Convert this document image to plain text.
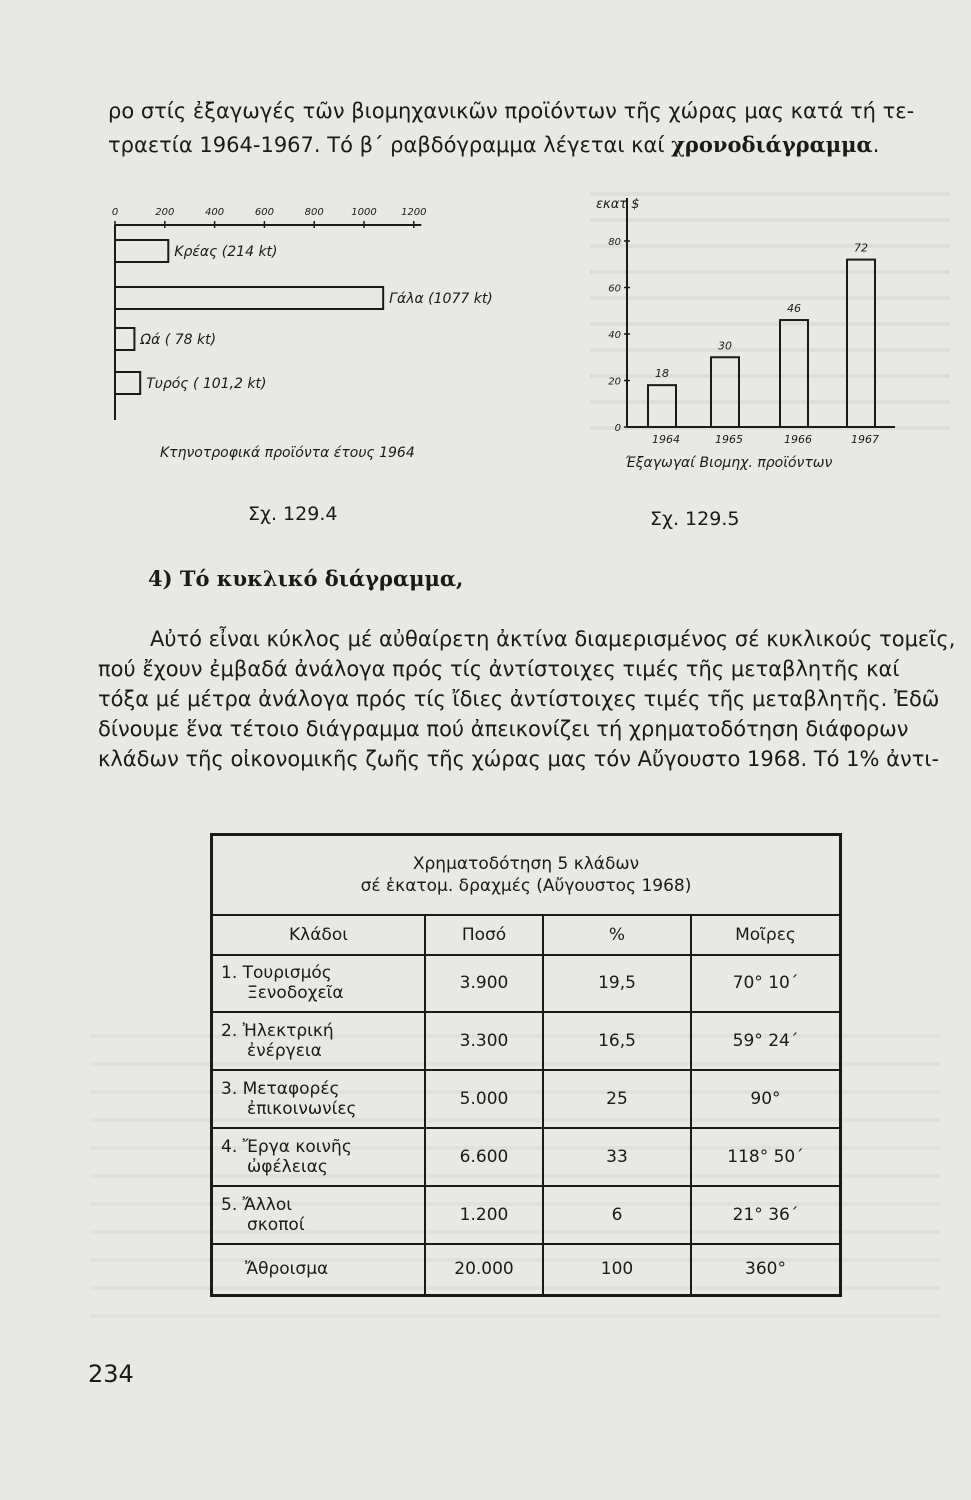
ρο στίς ἐξαγωγές τῶν βιομηχανικῶν προϊόντων τῆς χώρας μας κατά τή τε-
τραετία 1964-1967. Τό β΄ ραβδόγραμμα λέγεται καί χρονοδιάγραμμα.
0	200	400	600	800	1000 1200
Κρέας (214 kt)
Γάλα (1077 kt)
Ωά ( 78 kt)
Τυρός ( 101,2 kt)
Κτηνοτροφικά προϊόντα έτους 1964
Σχ. 129.4
εκατ $
0
20
40
60
80
18
1964
30
1965
46
1966
72
1967
Έξαγωγαί Βιομηχ. προϊόντων
Σχ. 129.5
4) Τό κυκλικό διάγραμμα,
Αὐτό εἶναι κύκλος μέ αὐθαίρετη ἀκτίνα διαμερισμένος σέ κυκλικούς τομεῖς,
πού ἔχουν ἐμβαδά ἀνάλογα πρός τίς ἀντίστοιχες τιμές τῆς μεταβλητῆς καί
τόξα μέ μέτρα ἀνάλογα πρός τίς ἴδιες ἀντίστοιχες τιμές τῆς μεταβλητῆς. Ἐδῶ
δίνουμε ἕνα τέτοιο διάγραμμα πού ἀπεικονίζει τή χρηματοδότηση διάφορων
κλάδων τῆς οἰκονομικῆς ζωῆς τῆς χώρας μας τόν Αὔγουστο 1968. Τό 1% ἀντι-
Χρηματοδότηση 5 κλάδων
σέ ἑκατομ. δραχμές (Αὔγουστος 1968)			

Κλάδοι	Ποσό	%	Μοῖρες

1. Τουρισμός
Ξενοδοχεῖα	3.900	19,5	70° 10΄

2. Ἠλεκτρική
ἐνέργεια	3.300	16,5	59° 24΄

3. Μεταφορές
ἐπικοινωνίες	5.000	25	90°

4. Ἔργα κοινῆς
ὠφέλειας	6.600	33	118° 50΄

5. Ἄλλοι
σκοποί	1.200	6	21° 36΄
Ἄθροισμα	20.000	100	360°
234
